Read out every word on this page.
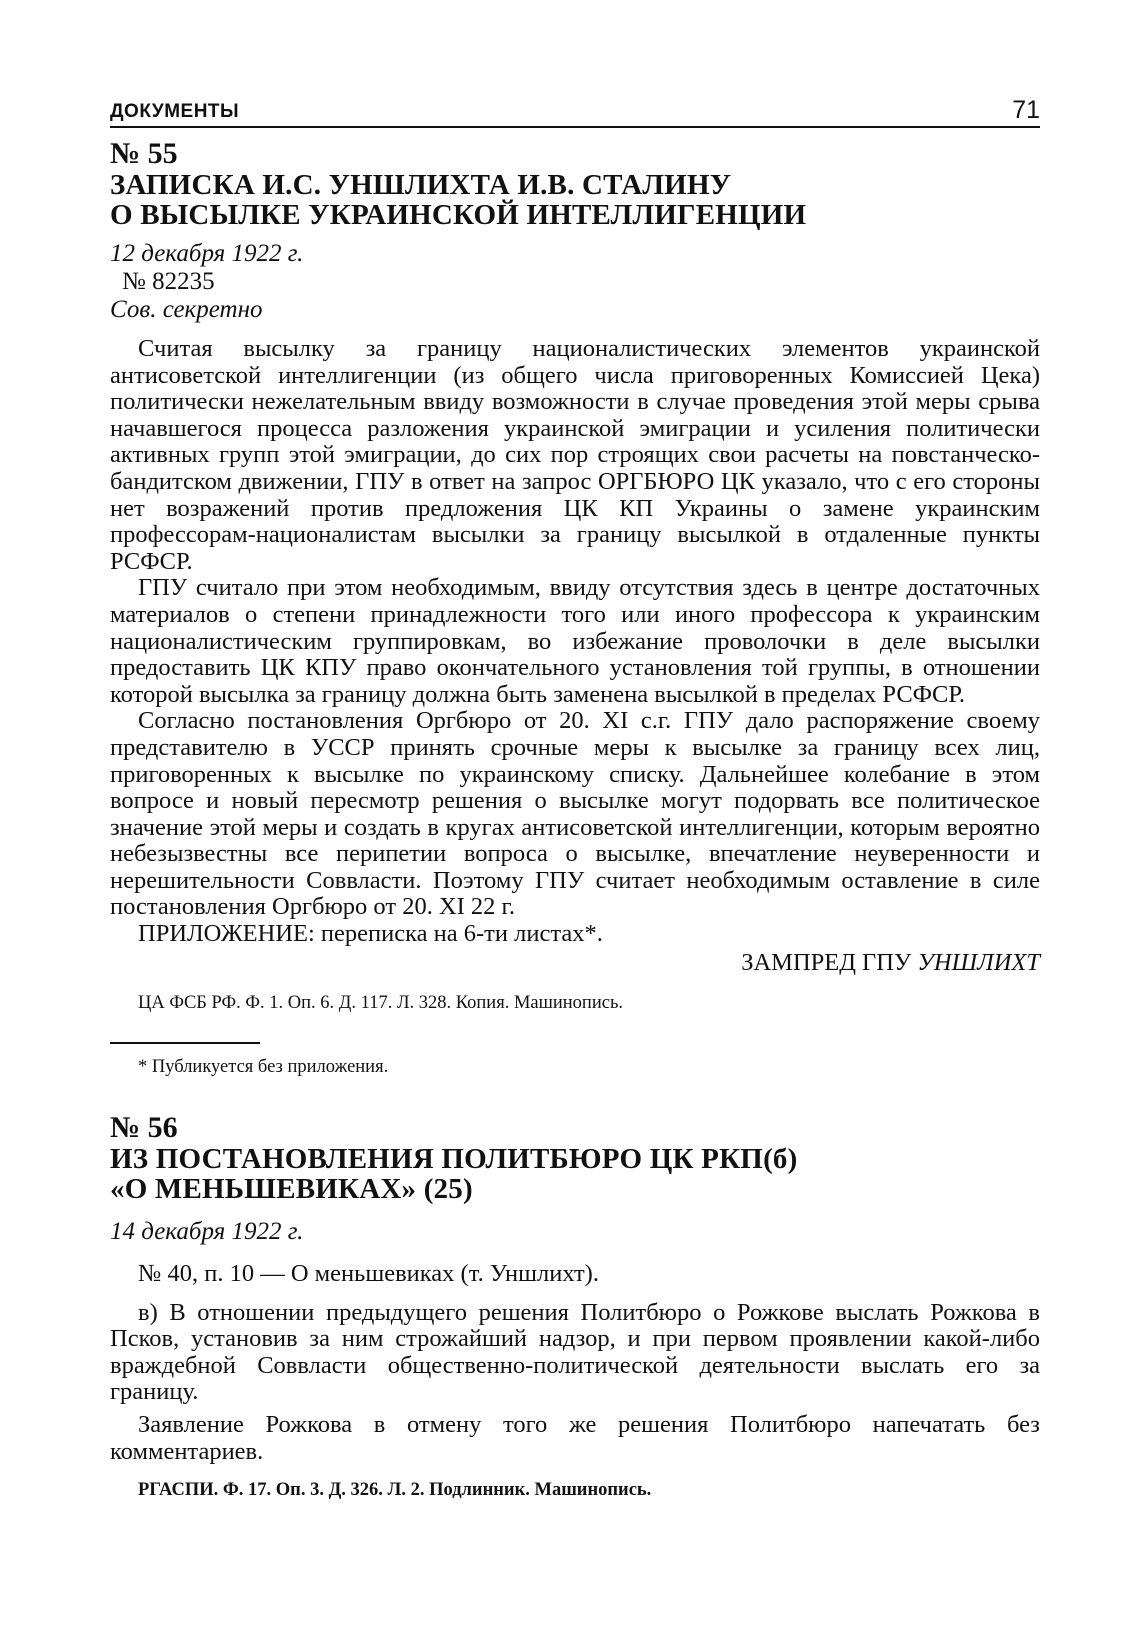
ДОКУМЕНТЫ	71
№ 55
ЗАПИСКА И.С. УНШЛИХТА И.В. СТАЛИНУ
О ВЫСЫЛКЕ УКРАИНСКОЙ ИНТЕЛЛИГЕНЦИИ
12 декабря 1922 г.
№ 82235
Сов. секретно

Считая высылку за границу националистических элементов украинской антисоветской интеллигенции (из общего числа приговоренных Комиссией Цека) политически нежелательным ввиду возможности в случае проведения этой меры срыва начавшегося процесса разложения украинской эмиграции и усиления политически активных групп этой эмиграции, до сих пор строящих свои расчеты на повстанческо-бандитском движении, ГПУ в ответ на запрос ОРГБЮРО ЦК указало, что с его стороны нет возражений против предложения ЦК КП Украины о замене украинским профессорам-националистам высылки за границу высылкой в отдаленные пункты РСФСР.

ГПУ считало при этом необходимым, ввиду отсутствия здесь в центре достаточных материалов о степени принадлежности того или иного профессора к украинским националистическим группировкам, во избежание проволочки в деле высылки предоставить ЦК КПУ право окончательного установления той группы, в отношении которой высылка за границу должна быть заменена высылкой в пределах РСФСР.

Согласно постановления Оргбюро от 20. XI с.г. ГПУ дало распоряжение своему представителю в УССР принять срочные меры к высылке за границу всех лиц, приговоренных к высылке по украинскому списку. Дальнейшее колебание в этом вопросе и новый пересмотр решения о высылке могут подорвать все политическое значение этой меры и создать в кругах антисоветской интеллигенции, которым вероятно небезызвестны все перипетии вопроса о высылке, впечатление неуверенности и нерешительности Соввласти. Поэтому ГПУ считает необходимым оставление в силе постановления Оргбюро от 20. XI 22 г.

ПРИЛОЖЕНИЕ: переписка на 6-ти листах*.
ЗАМПРЕД ГПУ УНШЛИХТ
ЦА ФСБ РФ. Ф. 1. Оп. 6. Д. 117. Л. 328. Копия. Машинопись.
* Публикуется без приложения.
№ 56
ИЗ ПОСТАНОВЛЕНИЯ ПОЛИТБЮРО ЦК РКП(б)
«О МЕНЬШЕВИКАХ» (25)
14 декабря 1922 г.
№ 40, п. 10 — О меньшевиках (т. Уншлихт).

в) В отношении предыдущего решения Политбюро о Рожкове выслать Рожкова в Псков, установив за ним строжайший надзор, и при первом проявлении какой-либо враждебной Соввласти общественно-политической деятельности выслать его за границу.

Заявление Рожкова в отмену того же решения Политбюро напечатать без комментариев.

РГАСПИ. Ф. 17. Оп. 3. Д. 326. Л. 2. Подлинник. Машинопись.
